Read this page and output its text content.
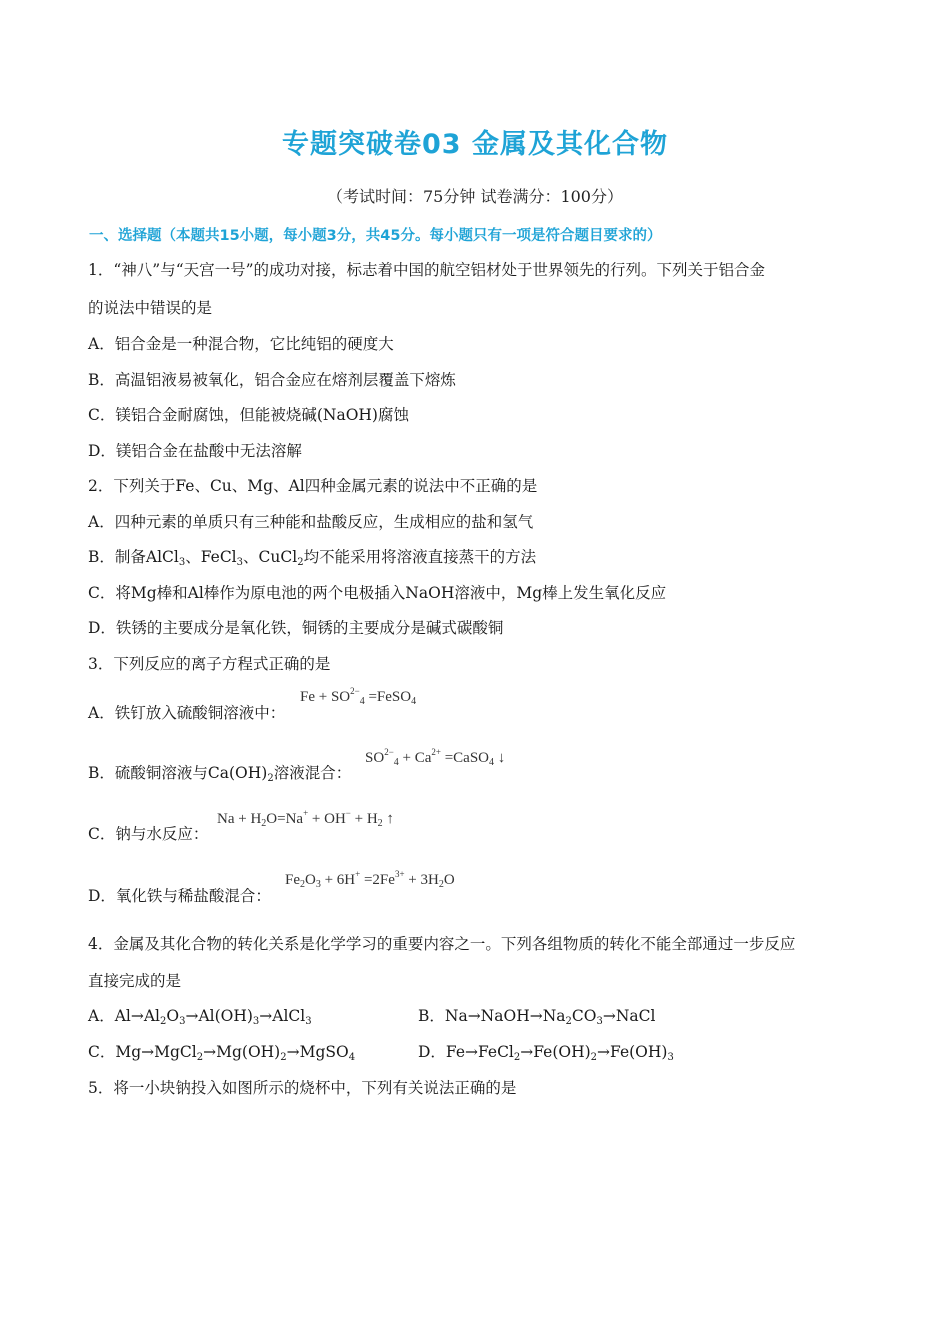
专题突破卷03 金属及其化合物
（考试时间：75分钟 试卷满分：100分）
一、选择题（本题共15小题，每小题3分，共45分。每小题只有一项是符合题目要求的）
1．“神八”与“天宫一号”的成功对接，标志着中国的航空铝材处于世界领先的行列。下列关于铝合金
的说法中错误的是
A．铝合金是一种混合物，它比纯铝的硬度大
B．高温铝液易被氧化，铝合金应在熔剂层覆盖下熔炼
C．镁铝合金耐腐蚀，但能被烧碱(NaOH)腐蚀
D．镁铝合金在盐酸中无法溶解
2．下列关于Fe、Cu、Mg、Al四种金属元素的说法中不正确的是
A．四种元素的单质只有三种能和盐酸反应，生成相应的盐和氢气
B．制备AlCl$_3$、FeCl$_3$、CuCl$_2$均不能采用将溶液直接蒸干的方法
C．将Mg棒和Al棒作为原电池的两个电极插入NaOH溶液中，Mg棒上发生氧化反应
D．铁锈的主要成分是氧化铁，铜锈的主要成分是碱式碳酸铜
3．下列反应的离子方程式正确的是
A．铁钉放入硫酸铜溶液中：
$Fe + SO^{2-}_4$ =FeSO$_4$
B．硫酸铜溶液与$Ca(OH)_2$溶液混合：
$SO^{2-}_4 + Ca^{2+}$ =CaSO$_4$ ↓
C．钠与水反应：
$Na + H_2O=Na^+ + OH^- + H_2$ ↑
D．氧化铁与稀盐酸混合：
$Fe_2O_3 + 6H^+ =2Fe^{3+} + 3H_2O$
4．金属及其化合物的转化关系是化学学习的重要内容之一。下列各组物质的转化不能全部通过一步反应
直接完成的是
A．$Al\to Al_2O_3\to Al(OH)_3\to AlCl_3$	B．$Na\to NaOH\to Na_2CO_3\to NaCl$
C．$Mg\to MgCl_2\to Mg(OH)_2\to MgSO_4$	D．$Fe\to FeCl_2\to Fe(OH)_2\to Fe(OH)_3$
5．将一小块钠投入如图所示的烧杯中，下列有关说法正确的是
